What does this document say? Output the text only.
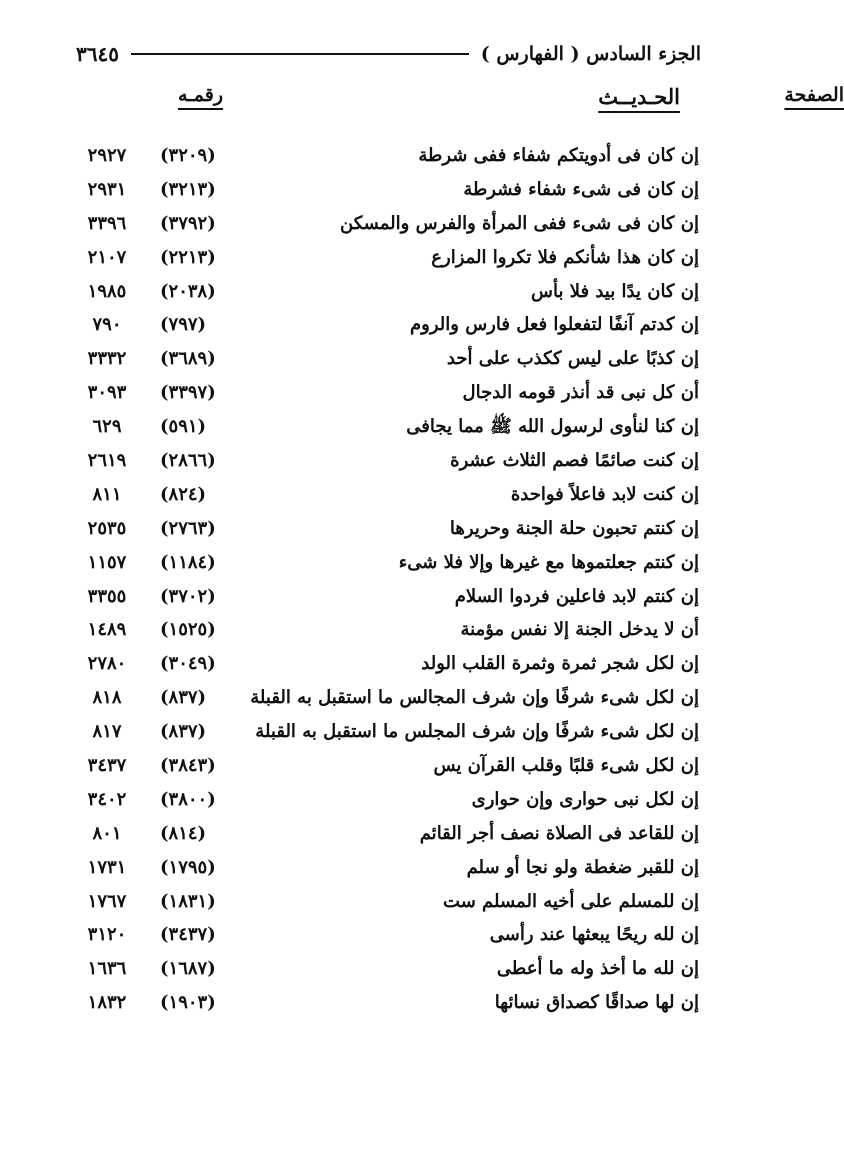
الجزء السادس ( الفهارس )
٣٦٤٥
الحـديــث
رقمـه	الصفحة
إن كان فى أدويتكم شفاء ففى شرطة
(٣٢٠٩)
٢٩٢٧
إن كان فى شىء شفاء فشرطة
(٣٢١٣)
٢٩٣١
إن كان فى شىء ففى المرأة والفرس والمسكن
(٣٧٩٢)
٣٣٩٦
إن كان هذا شأنكم فلا تكروا المزارع
(٢٢١٣)
٢١٠٧
إن كان يدًا بيد فلا بأس
(٢٠٣٨)
١٩٨٥
إن كدتم آنفًا لتفعلوا فعل فارس والروم
(٧٩٧)
٧٩٠
إن كذبًا على ليس ككذب على أحد
(٣٦٨٩)
٣٣٣٢
أن كل نبى قد أنذر قومه الدجال
(٣٣٩٧)
٣٠٩٣
إن كنا لنأوى لرسول الله ﷺ مما يجافى
(٥٩١)
٦٢٩
إن كنت صائمًا فصم الثلاث عشرة
(٢٨٦٦)
٢٦١٩
إن كنت لابد فاعلاً فواحدة
(٨٢٤)
٨١١
إن كنتم تحبون حلة الجنة وحريرها
(٢٧٦٣)
٢٥٣٥
إن كنتم جعلتموها مع غيرها وإلا فلا شىء
(١١٨٤)
١١٥٧
إن كنتم لابد فاعلين فردوا السلام
(٣٧٠٢)
٣٣٥٥
أن لا يدخل الجنة إلا نفس مؤمنة
(١٥٢٥)
١٤٨٩
إن لكل شجر ثمرة وثمرة القلب الولد
(٣٠٤٩)
٢٧٨٠
إن لكل شىء شرفًا وإن شرف المجالس ما استقبل به القبلة
(٨٣٧)
٨١٨
إن لكل شىء شرفًا وإن شرف المجلس ما استقبل به القبلة
(٨٣٧)
٨١٧
إن لكل شىء قلبًا وقلب القرآن يس
(٣٨٤٣)
٣٤٣٧
إن لكل نبى حوارى وإن حوارى
(٣٨٠٠)
٣٤٠٢
إن للقاعد فى الصلاة نصف أجر القائم
(٨١٤)
٨٠١
إن للقبر ضغطة ولو نجا أو سلم
(١٧٩٥)
١٧٣١
إن للمسلم على أخيه المسلم ست
(١٨٣١)
١٧٦٧
إن لله ريحًا يبعثها عند رأسى
(٣٤٣٧)
٣١٢٠
إن لله ما أخذ وله ما أعطى
(١٦٨٧)
١٦٣٦
إن لها صداقًا كصداق نسائها
(١٩٠٣)
١٨٣٢
